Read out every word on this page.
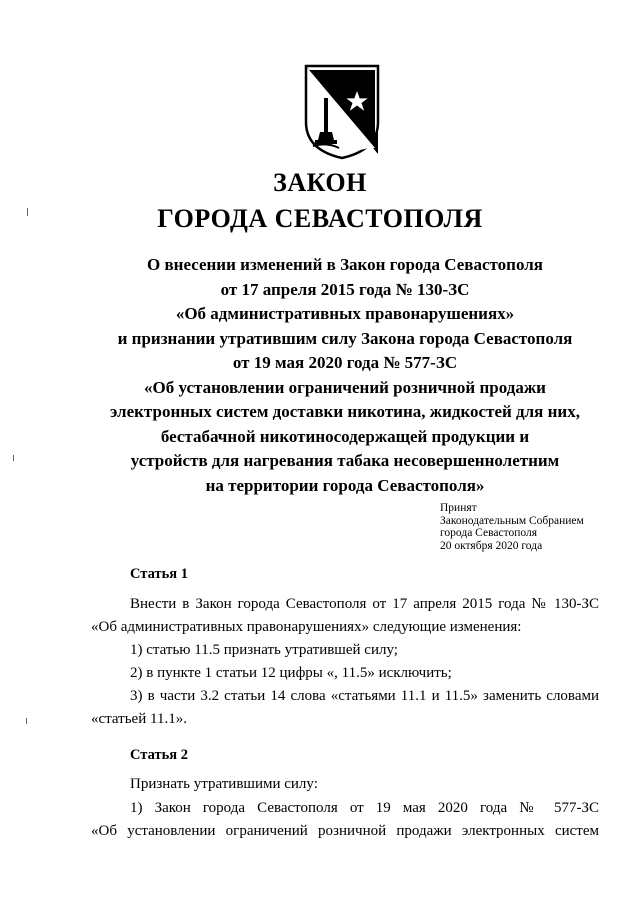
ЗАКОН
ГОРОДА СЕВАСТОПОЛЯ
О внесении изменений в Закон города Севастополя
от 17 апреля 2015 года № 130-ЗС
«Об административных правонарушениях»
и признании утратившим силу Закона города Севастополя
от 19 мая 2020 года № 577-ЗС
«Об установлении ограничений розничной продажи
электронных систем доставки никотина, жидкостей для них,
бестабачной никотиносодержащей продукции и
устройств для нагревания табака несовершеннолетним
на территории города Севастополя»
Принят
Законодательным Собранием
города Севастополя
20 октября 2020 года
Статья 1
Внести в Закон города Севастополя от 17 апреля 2015 года № 130-ЗС
«Об административных правонарушениях» следующие изменения:
1) статью 11.5 признать утратившей силу;
2) в пункте 1 статьи 12 цифры «, 11.5» исключить;
3) в части 3.2 статьи 14 слова «статьями 11.1 и 11.5» заменить словами
«статьей 11.1».
Статья 2
Признать утратившими силу:
1) Закон города Севастополя от 19 мая 2020 года № 577-ЗС
«Об установлении ограничений розничной продажи электронных систем
